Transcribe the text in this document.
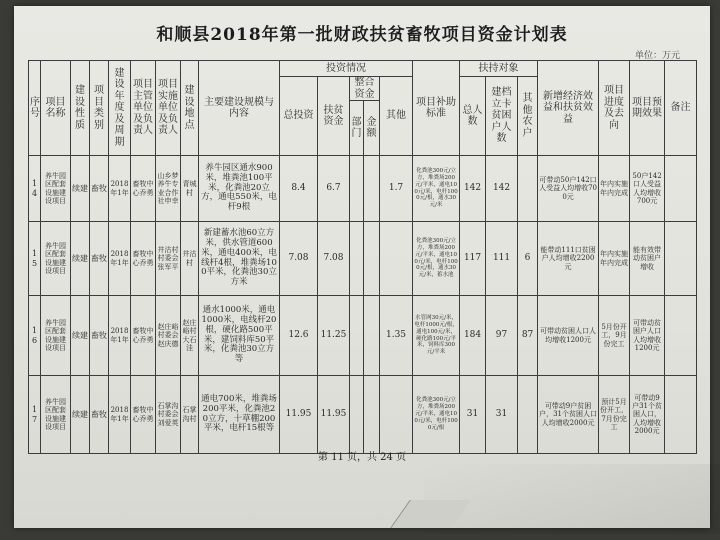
和顺县2018年第一批财政扶贫畜牧项目资金计划表
单位：万元
序号	项目名称	建设性质	项目类别	建设年度及周期	项目主管单位及负责人	项目实施单位及负责人	建设地点	主要建设规模与内容	投资情况					项目补助标准	扶持对象			新增经济效益和扶贫效益	项目进度及去向	项目预期效果	备注
									总投资	扶贫资金	整合资金		其他		总人数	建档立卡贫困户人数	其他农户				
											部门	金额									
14	养牛园区配套设施建设项目	续建	畜牧	2018年1年	畜牧中心乔勇	山乡梦养牛专业合作社申幸	青城村	养牛园区通水900米，堆粪池100平米，化粪池20立方，通电550米，电杆9根	8.4	6.7			1.7	化粪池300元/立方，堆粪场200元/平米，通电100元/米，电杆1000元/根，通水30元/米	142	142		可带动50户142口人受益人均增收700元	年内实施年内完成	50户142口人受益人均增收700元	
15	养牛园区配套设施建设项目	续建	畜牧	2018年1年	畜牧中心乔勇	井沽村村委会张军平	井沽村	新建蓄水池60立方米，供水管道600米，通电400米，电线杆4根，堆粪场100平米，化粪池30立方米	7.08	7.08				化粪池300元/立方，堆粪场200元/平米，通电100元/米，电杆1000元/根，通水30元/米，蓄水池	117	111	6	能带动111口贫困户人均增收2200元	年内实施年内完成	能有效带动贫困户增收	
16	养牛园区配套设施建设项目	续建	畜牧	2018年1年	畜牧中心乔勇	赵庄峪村委会赵庆德	赵庄峪村大石洼	通水1000米，通电1000米，电线杆20根，硬化路500平米，建饲料库50平米，化粪池30立方等	12.6	11.25			1.35	水管网30元/米，电杆1000元/根，通电100元/米，硬化路100元/平米，饲料库300元/平米	184	97	87	可带动贫困人口人均增收1200元	5月份开工，9月份完工	可带动贫困户人口人均增收1200元	
17	养牛园区配套设施建设项目	续建	畜牧	2018年1年	畜牧中心乔勇	石掌沟村委会刘爱英	石掌沟村	通电700米，堆粪场200平米，化粪池20立方，十草棚200平米，电杆15根等	11.95	11.95				化粪池300元/立方，堆粪场200元/平米，通电100元/米，电杆1000元/根	31	31		可带动9户贫困户，31个贫困人口人均增收2000元	预计5月份开工，7月份完工	可带动9户31个贫困人口，人均增收2000元	
第 11 页，共 24 页
